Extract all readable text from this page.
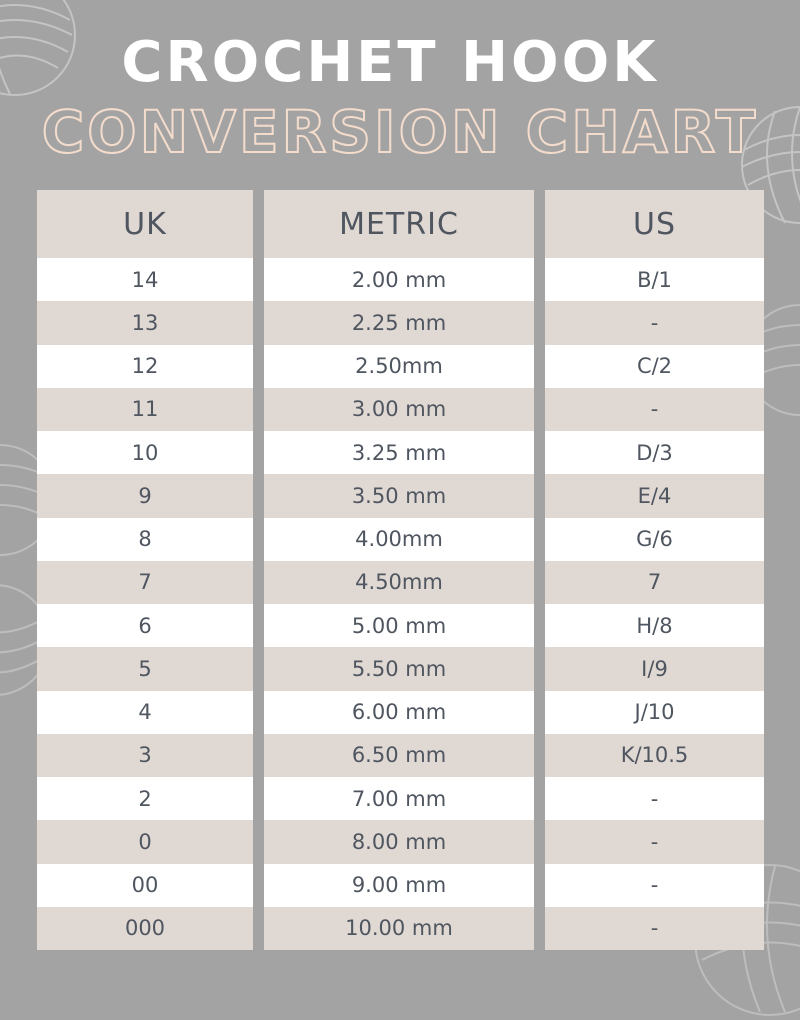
CROCHET HOOK
CONVERSION CHART
UK
14
13
12
11
10
9
8
7
6
5
4
3
2
0
00
000
METRIC
2.00 mm
2.25 mm
2.50mm
3.00 mm
3.25 mm
3.50 mm
4.00mm
4.50mm
5.00 mm
5.50 mm
6.00 mm
6.50 mm
7.00 mm
8.00 mm
9.00 mm
10.00 mm
US
B/1
-
C/2
-
D/3
E/4
G/6
7
H/8
I/9
J/10
K/10.5
-
-
-
-
